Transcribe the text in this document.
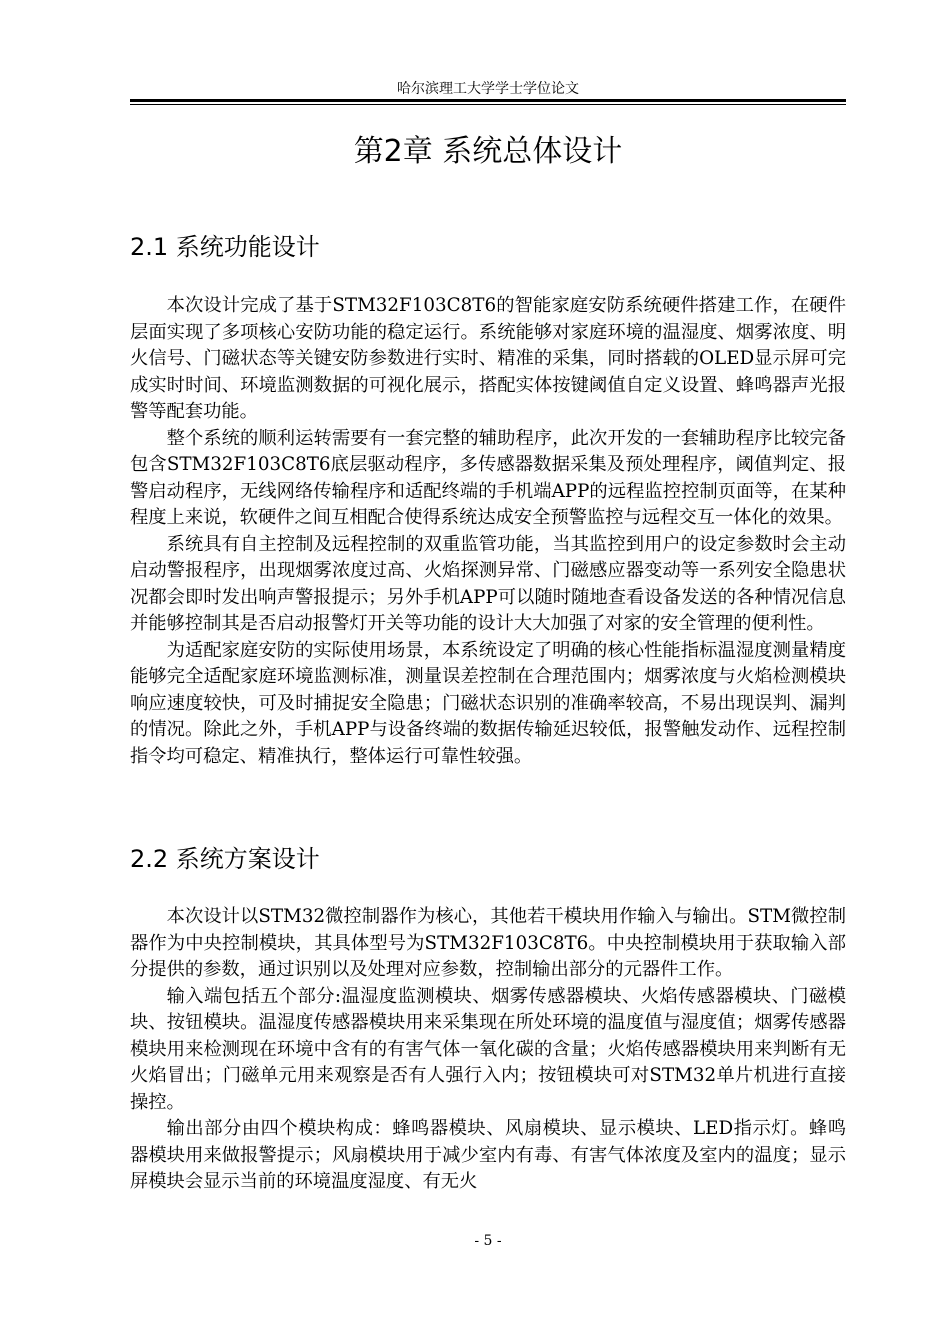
哈尔滨理工大学学士学位论文
第2章 系统总体设计
2.1 系统功能设计

本次设计完成了基于STM32F103C8T6的智能家庭安防系统硬件搭建工作，在硬件层面实现了多项核心安防功能的稳定运行。系统能够对家庭环境的温湿度、烟雾浓度、明火信号、门磁状态等关键安防参数进行实时、精准的采集，同时搭载的OLED显示屏可完成实时时间、环境监测数据的可视化展示，搭配实体按键阈值自定义设置、蜂鸣器声光报警等配套功能。

整个系统的顺利运转需要有一套完整的辅助程序，此次开发的一套辅助程序比较完备包含STM32F103C8T6底层驱动程序，多传感器数据采集及预处理程序，阈值判定、报警启动程序，无线网络传输程序和适配终端的手机端APP的远程监控控制页面等，在某种程度上来说，软硬件之间互相配合使得系统达成安全预警监控与远程交互一体化的效果。

系统具有自主控制及远程控制的双重监管功能，当其监控到用户的设定参数时会主动启动警报程序，出现烟雾浓度过高、火焰探测异常、门磁感应器变动等一系列安全隐患状况都会即时发出响声警报提示；另外手机APP可以随时随地查看设备发送的各种情况信息并能够控制其是否启动报警灯开关等功能的设计大大加强了对家的安全管理的便利性。

为适配家庭安防的实际使用场景，本系统设定了明确的核心性能指标温湿度测量精度能够完全适配家庭环境监测标准，测量误差控制在合理范围内；烟雾浓度与火焰检测模块响应速度较快，可及时捕捉安全隐患；门磁状态识别的准确率较高，不易出现误判、漏判的情况。除此之外，手机APP与设备终端的数据传输延迟较低，报警触发动作、远程控制指令均可稳定、精准执行，整体运行可靠性较强。

2.2 系统方案设计

本次设计以STM32微控制器作为核心，其他若干模块用作输入与输出。STM微控制器作为中央控制模块，其具体型号为STM32F103C8T6。中央控制模块用于获取输入部分提供的参数，通过识别以及处理对应参数，控制输出部分的元器件工作。

输入端包括五个部分:温湿度监测模块、烟雾传感器模块、火焰传感器模块、门磁模块、按钮模块。温湿度传感器模块用来采集现在所处环境的温度值与湿度值；烟雾传感器模块用来检测现在环境中含有的有害气体一氧化碳的含量；火焰传感器模块用来判断有无火焰冒出；门磁单元用来观察是否有人强行入内；按钮模块可对STM32单片机进行直接操控。

输出部分由四个模块构成：蜂鸣器模块、风扇模块、显示模块、LED指示灯。蜂鸣器模块用来做报警提示；风扇模块用于减少室内有毒、有害气体浓度及室内的温度；显示屏模块会显示当前的环境温度湿度、有无火

- 5 -
